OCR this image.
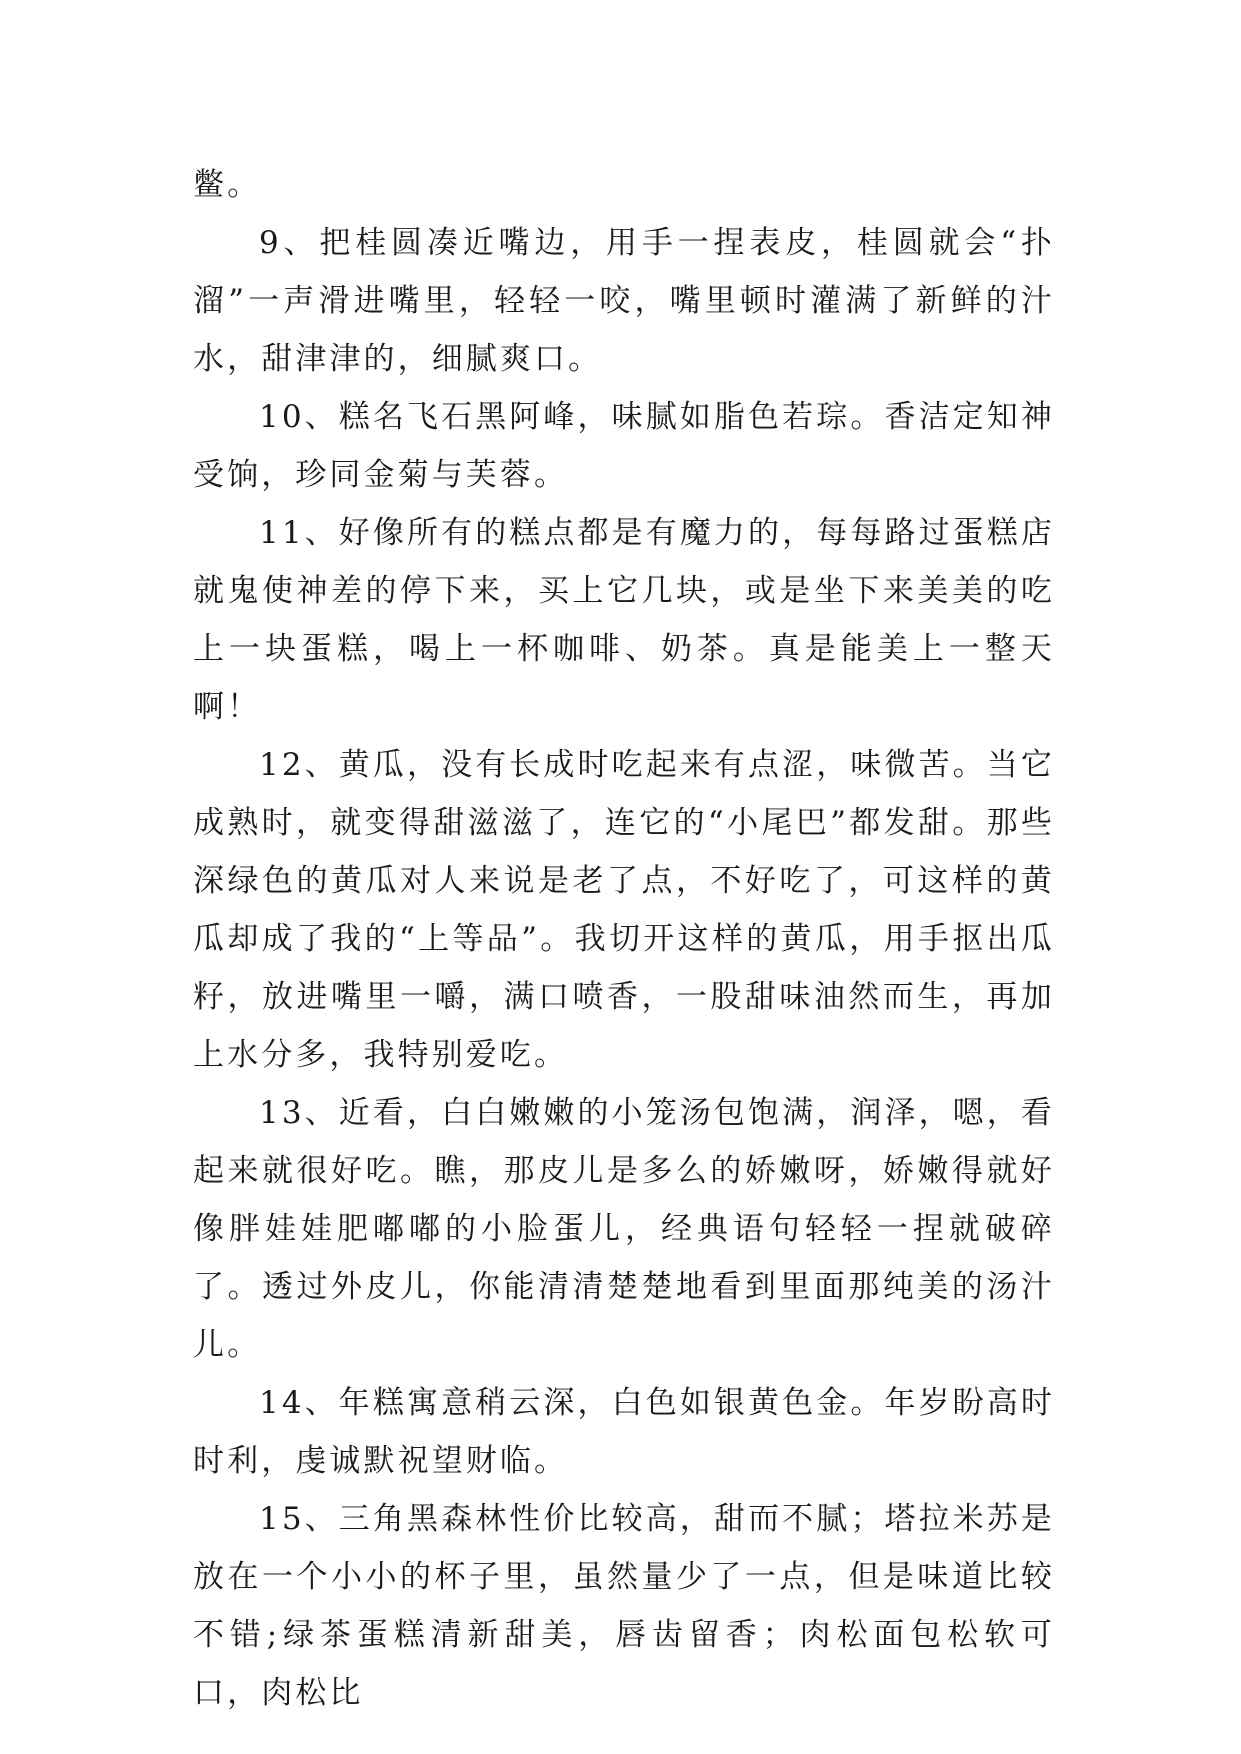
鳖。

9、把桂圆凑近嘴边，用手一捏表皮，桂圆就会“扑溜”一声滑进嘴里，轻轻一咬，嘴里顿时灌满了新鲜的汁水，甜津津的，细腻爽口。

10、糕名飞石黑阿峰，味腻如脂色若琮。香洁定知神受饷，珍同金菊与芙蓉。

11、好像所有的糕点都是有魔力的，每每路过蛋糕店就鬼使神差的停下来，买上它几块，或是坐下来美美的吃上一块蛋糕，喝上一杯咖啡、奶茶。真是能美上一整天啊！

12、黄瓜，没有长成时吃起来有点涩，味微苦。当它成熟时，就变得甜滋滋了，连它的“小尾巴”都发甜。那些深绿色的黄瓜对人来说是老了点，不好吃了，可这样的黄瓜却成了我的“上等品”。我切开这样的黄瓜，用手抠出瓜籽，放进嘴里一嚼，满口喷香，一股甜味油然而生，再加上水分多，我特别爱吃。

13、近看，白白嫩嫩的小笼汤包饱满，润泽，嗯，看起来就很好吃。瞧，那皮儿是多么的娇嫩呀，娇嫩得就好像胖娃娃肥嘟嘟的小脸蛋儿，经典语句轻轻一捏就破碎了。透过外皮儿，你能清清楚楚地看到里面那纯美的汤汁儿。

14、年糕寓意稍云深，白色如银黄色金。年岁盼高时时利，虔诚默祝望财临。

15、三角黑森林性价比较高，甜而不腻；塔拉米苏是放在一个小小的杯子里，虽然量少了一点，但是味道比较不错;绿茶蛋糕清新甜美，唇齿留香；肉松面包松软可口，肉松比
